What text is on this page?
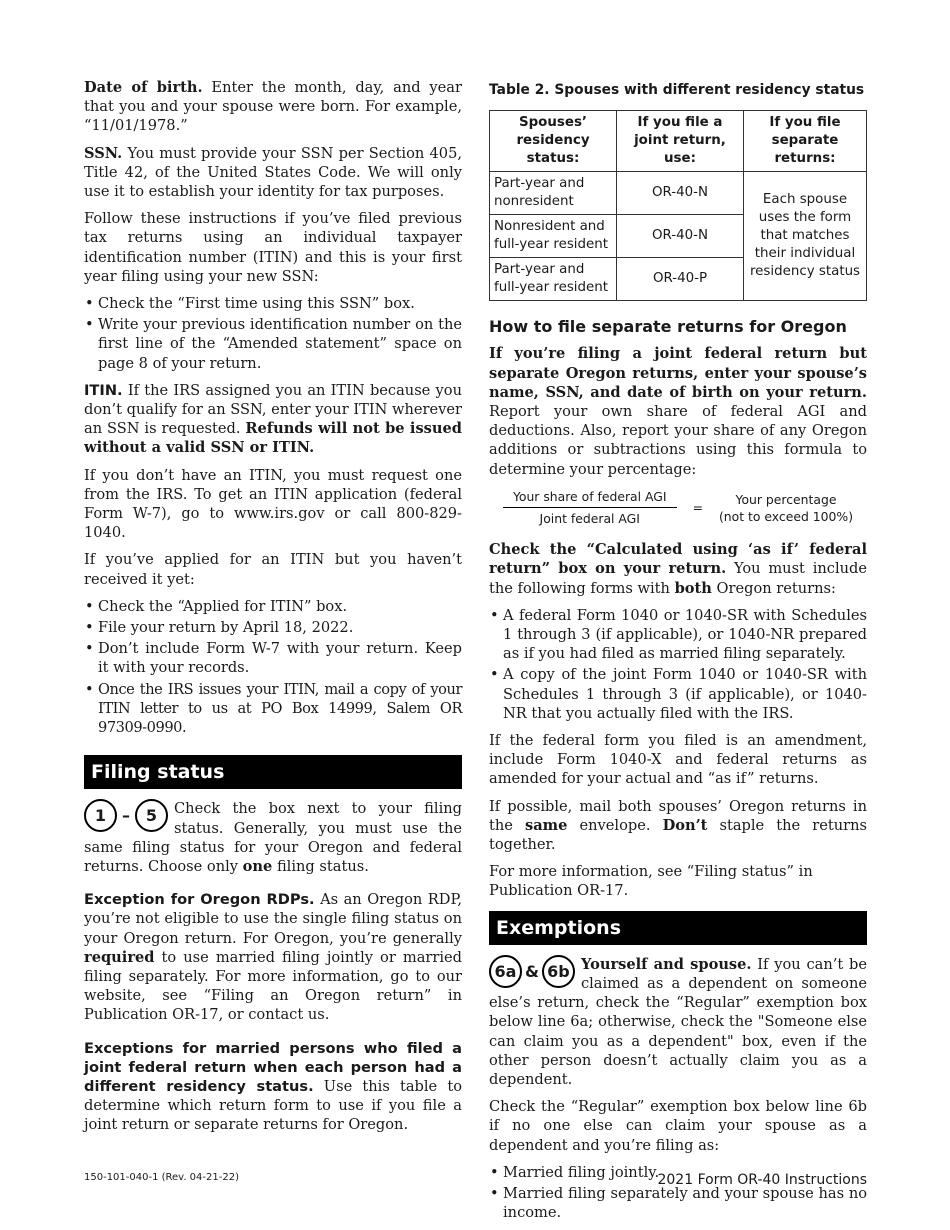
Date of birth. Enter the month, day, and year that you and your spouse were born. For example, “11/01/1978.”

SSN. You must provide your SSN per Section 405, Title 42, of the United States Code. We will only use it to establish your identity for tax purposes.

Follow these instructions if you’ve filed previous tax returns using an individual taxpayer identification number (ITIN) and this is your first year filing using your new SSN:

• Check the “First time using this SSN” box.
• Write your previous identification number on the first line of the “Amended statement” space on page 8 of your return.

ITIN. If the IRS assigned you an ITIN because you don’t qualify for an SSN, enter your ITIN wherever an SSN is requested. Refunds will not be issued without a valid SSN or ITIN.

If you don’t have an ITIN, you must request one from the IRS. To get an ITIN application (federal Form W-7), go to www.irs.gov or call 800-829-1040.

If you’ve applied for an ITIN but you haven’t received it yet:

• Check the “Applied for ITIN” box.
• File your return by April 18, 2022.
• Don’t include Form W-7 with your return. Keep it with your records.
• Once the IRS issues your ITIN, mail a copy of your ITIN letter to us at PO Box 14999, Salem OR 97309-0990.
Filing status

1 – 5	Check the box next to your filing status. Generally, you must use the same filing status for your Oregon and federal returns. Choose only one filing status.

Exception for Oregon RDPs. As an Oregon RDP, you’re not eligible to use the single filing status on your Oregon return. For Oregon, you’re generally required to use married filing jointly or married filing separately. For more information, go to our website, see “Filing an Oregon return” in Publication OR-17, or contact us.

Exceptions for married persons who filed a joint federal return when each person had a different residency status. Use this table to determine which return form to use if you file a joint return or separate returns for Oregon.

Table 2. Spouses with different residency status
Spouses’ residency status:	If you file a joint return, use:	If you file separate returns:
Part-year and nonresident	OR-40-N	Each spouse uses the form that matches their individual residency status
Nonresident and full-year resident	OR-40-N	
Part-year and full-year resident	OR-40-P	
How to file separate returns for Oregon

If you’re filing a joint federal return but separate Oregon returns, enter your spouse’s name, SSN, and date of birth on your return. Report your own share of federal AGI and deductions. Also, report your share of any Oregon additions or subtractions using this formula to determine your percentage:

$\frac{\text{Your share of federal AGI}}{\text{Joint federal AGI}}$	=
Your percentage
(not to exceed 100%)

Check the “Calculated using ‘as if’ federal return” box on your return. You must include the following forms with both Oregon returns:

• A federal Form 1040 or 1040-SR with Schedules 1 through 3 (if applicable), or 1040-NR prepared as if you had filed as married filing separately.
• A copy of the joint Form 1040 or 1040-SR with Schedules 1 through 3 (if applicable), or 1040-NR that you actually filed with the IRS.

If the federal form you filed is an amendment, include Form 1040-X and federal returns as amended for your actual and “as if” returns.

If possible, mail both spouses’ Oregon returns in the same envelope. Don’t staple the returns together.

For more information, see “Filing status” in Publication OR-17.

Exemptions

6a & 6b Yourself and spouse. If you can’t be claimed as a dependent on someone else’s return, check the “Regular” exemption box below line 6a; otherwise, check the "Someone else can claim you as a dependent" box, even if the other person doesn’t actually claim you as a dependent.

Check the “Regular” exemption box below line 6b if no one else can claim your spouse as a dependent and you’re filing as:

• Married filing jointly.
• Married filing separately and your spouse has no income.
150-101-040-1 (Rev. 04-21-22)	2021 Form OR-40 Instructions
